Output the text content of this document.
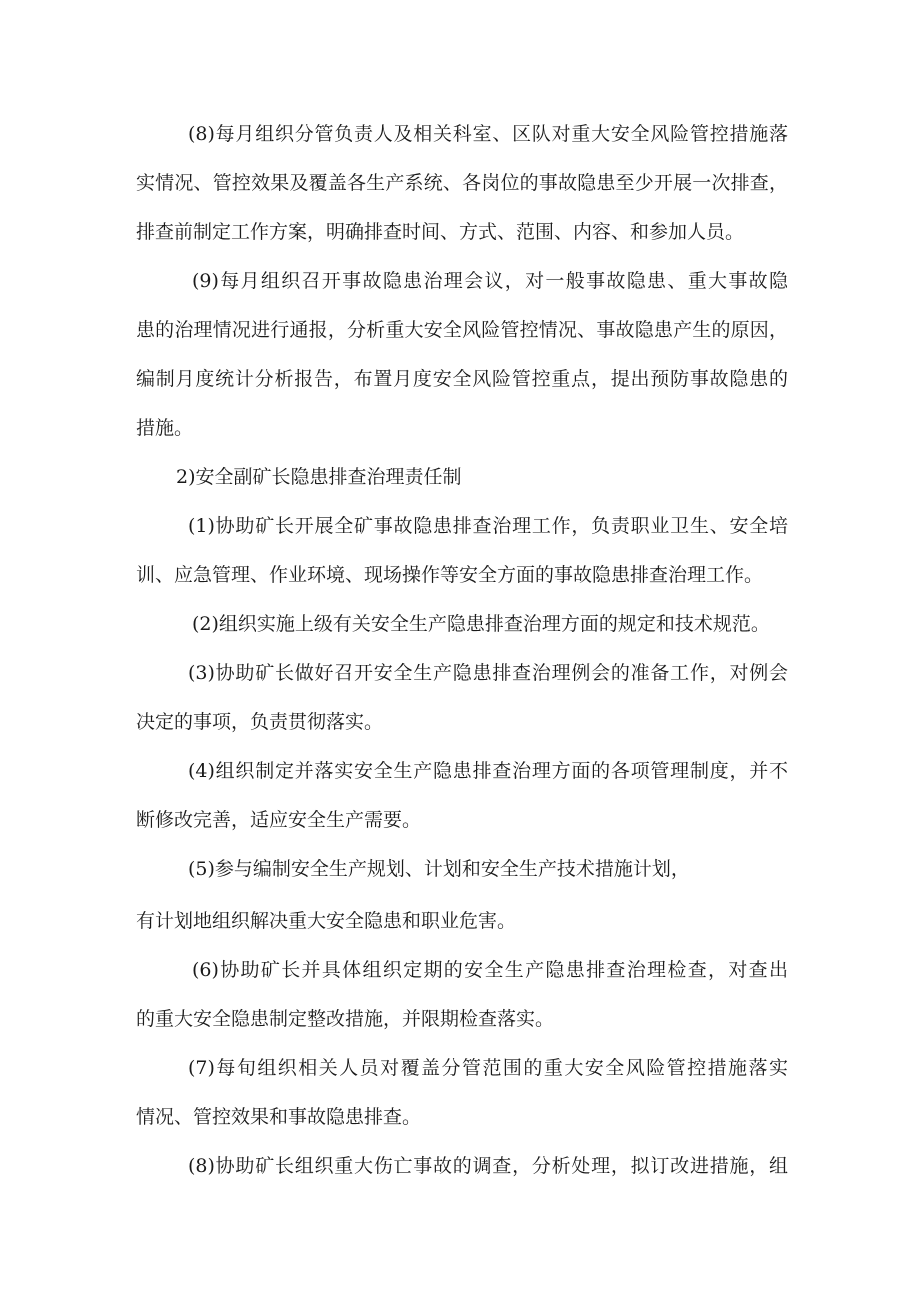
(8)每月组织分管负责人及相关科室、区队对重大安全风险管控措施落
实情况、管控效果及覆盖各生产系统、各岗位的事故隐患至少开展一次排查，
排查前制定工作方案，明确排查时间、方式、范围、内容、和参加人员。
(9)每月组织召开事故隐患治理会议，对一般事故隐患、重大事故隐
患的治理情况进行通报，分析重大安全风险管控情况、事故隐患产生的原因，
编制月度统计分析报告，布置月度安全风险管控重点，提出预防事故隐患的
措施。
2)安全副矿长隐患排查治理责任制
(1)协助矿长开展全矿事故隐患排查治理工作，负责职业卫生、安全培
训、应急管理、作业环境、现场操作等安全方面的事故隐患排查治理工作。
(2)组织实施上级有关安全生产隐患排查治理方面的规定和技术规范。
(3)协助矿长做好召开安全生产隐患排查治理例会的准备工作，对例会
决定的事项，负责贯彻落实。
(4)组织制定并落实安全生产隐患排查治理方面的各项管理制度，并不
断修改完善，适应安全生产需要。
(5)参与编制安全生产规划、计划和安全生产技术措施计划，
有计划地组织解决重大安全隐患和职业危害。
(6)协助矿长并具体组织定期的安全生产隐患排查治理检查，对查出
的重大安全隐患制定整改措施，并限期检查落实。
(7)每旬组织相关人员对覆盖分管范围的重大安全风险管控措施落实
情况、管控效果和事故隐患排查。
(8)协助矿长组织重大伤亡事故的调查，分析处理，拟订改进措施，组
